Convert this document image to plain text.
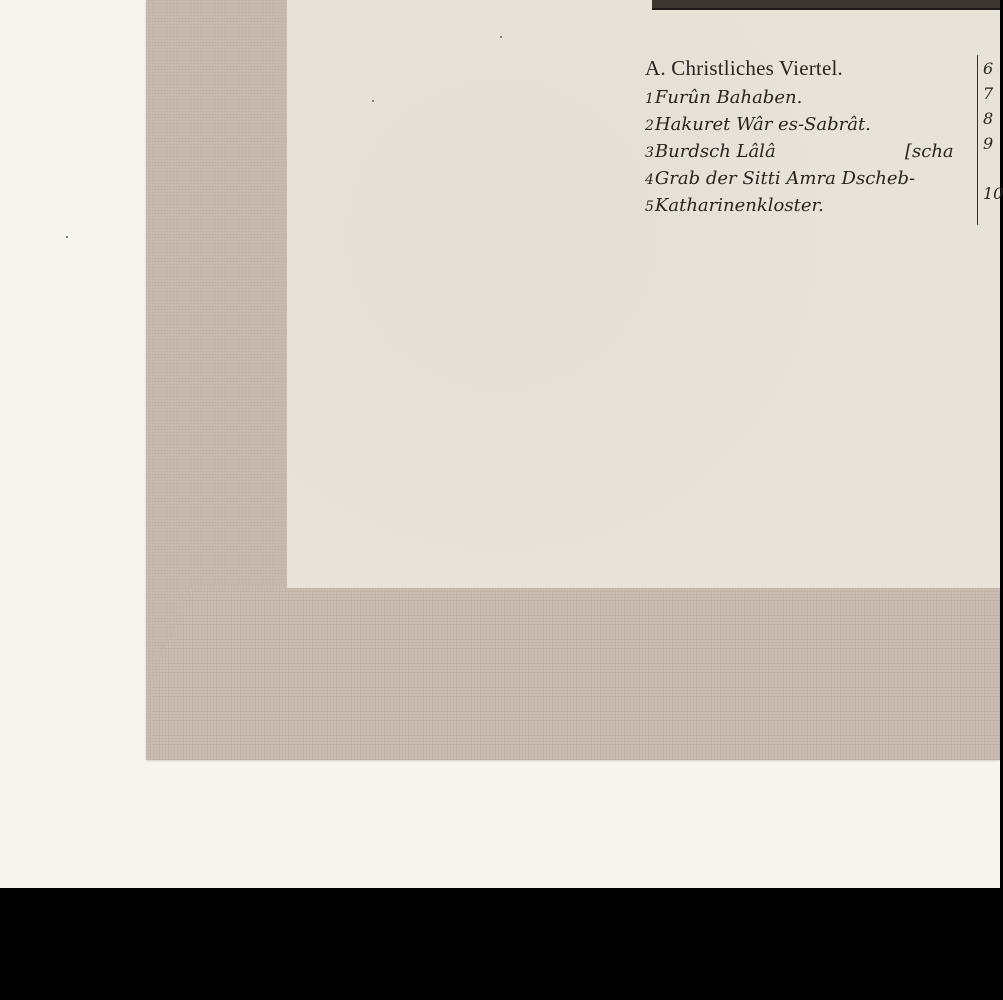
A. Christliches Viertel.
1Furûn Bahaben.
2Hakuret Wâr es-Sabrât.
3Burdsch Lâlâ	[scha
4Grab der Sitti Amra Dscheb-
5Katharinenkloster.
6
7
8
9
10
